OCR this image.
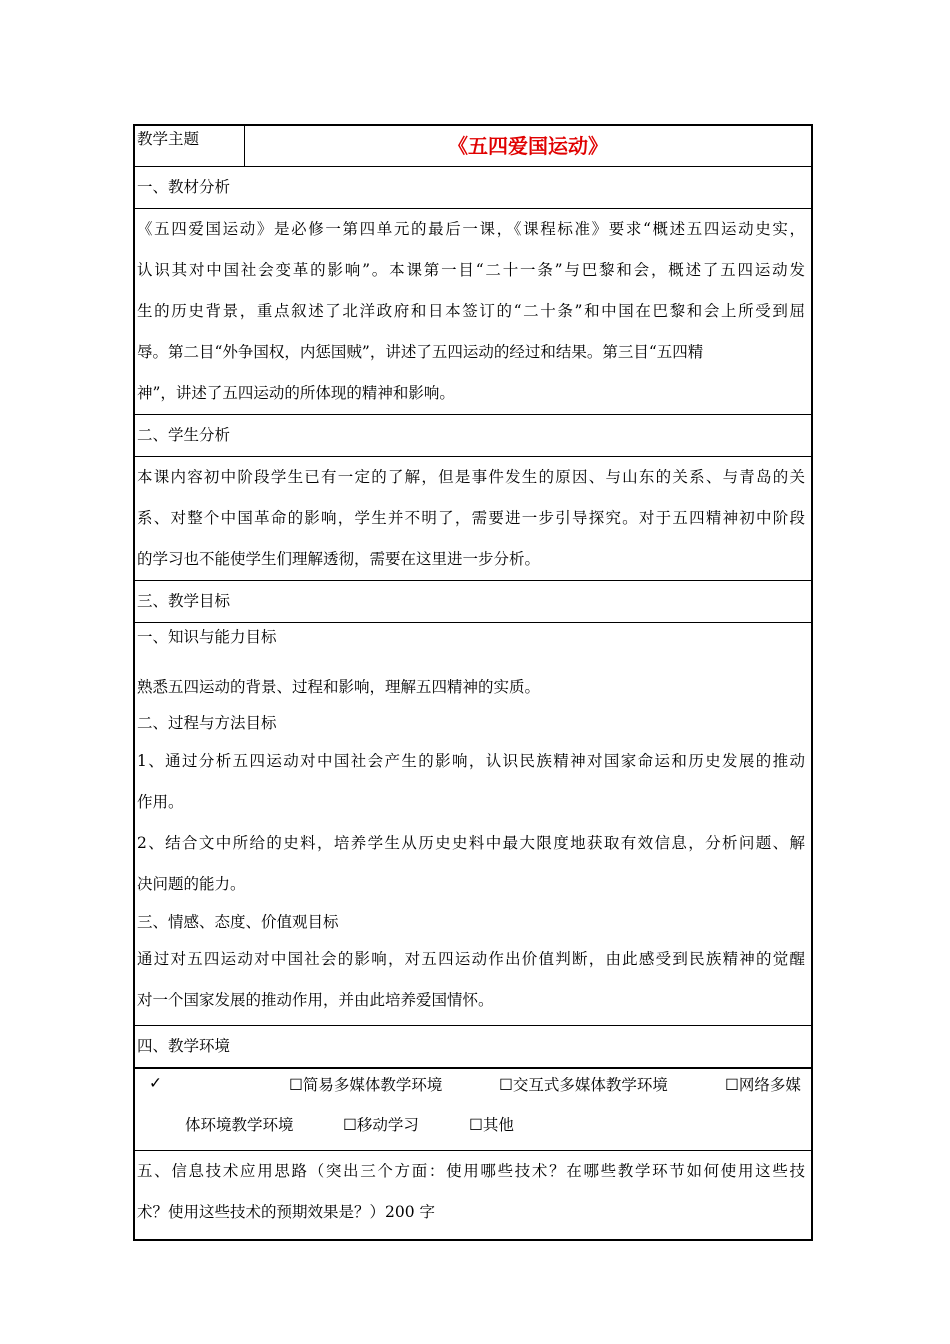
教学主题	《五四爱国运动》
一、教材分析
《五四爱国运动》是必修一第四单元的最后一课，《课程标准》要求“概述五四运动史实，
认识其对中国社会变革的影响”。本课第一目“二十一条”与巴黎和会，概述了五四运动发
生的历史背景，重点叙述了北洋政府和日本签订的“二十条”和中国在巴黎和会上所受到屈
辱。第二目“外争国权，内惩国贼”，讲述了五四运动的经过和结果。第三目“五四精
神”，讲述了五四运动的所体现的精神和影响。
二、学生分析
本课内容初中阶段学生已有一定的了解，但是事件发生的原因、与山东的关系、与青岛的关
系、对整个中国革命的影响，学生并不明了，需要进一步引导探究。对于五四精神初中阶段
的学习也不能使学生们理解透彻，需要在这里进一步分析。
三、教学目标
一、知识与能力目标
熟悉五四运动的背景、过程和影响，理解五四精神的实质。
二、过程与方法目标
1、通过分析五四运动对中国社会产生的影响，认识民族精神对国家命运和历史发展的推动
作用。
2、结合文中所给的史料，培养学生从历史史料中最大限度地获取有效信息，分析问题、解
决问题的能力。
三、情感、态度、价值观目标
通过对五四运动对中国社会的影响，对五四运动作出价值判断，由此感受到民族精神的觉醒
对一个国家发展的推动作用，并由此培养爱国情怀。
四、教学环境
✓	☐简易多媒体教学环境	☐交互式多媒体教学环境	☐网络多媒
体环境教学环境	☐移动学习	☐其他
五、信息技术应用思路（突出三个方面：使用哪些技术？在哪些教学环节如何使用这些技
术？使用这些技术的预期效果是？）200 字
